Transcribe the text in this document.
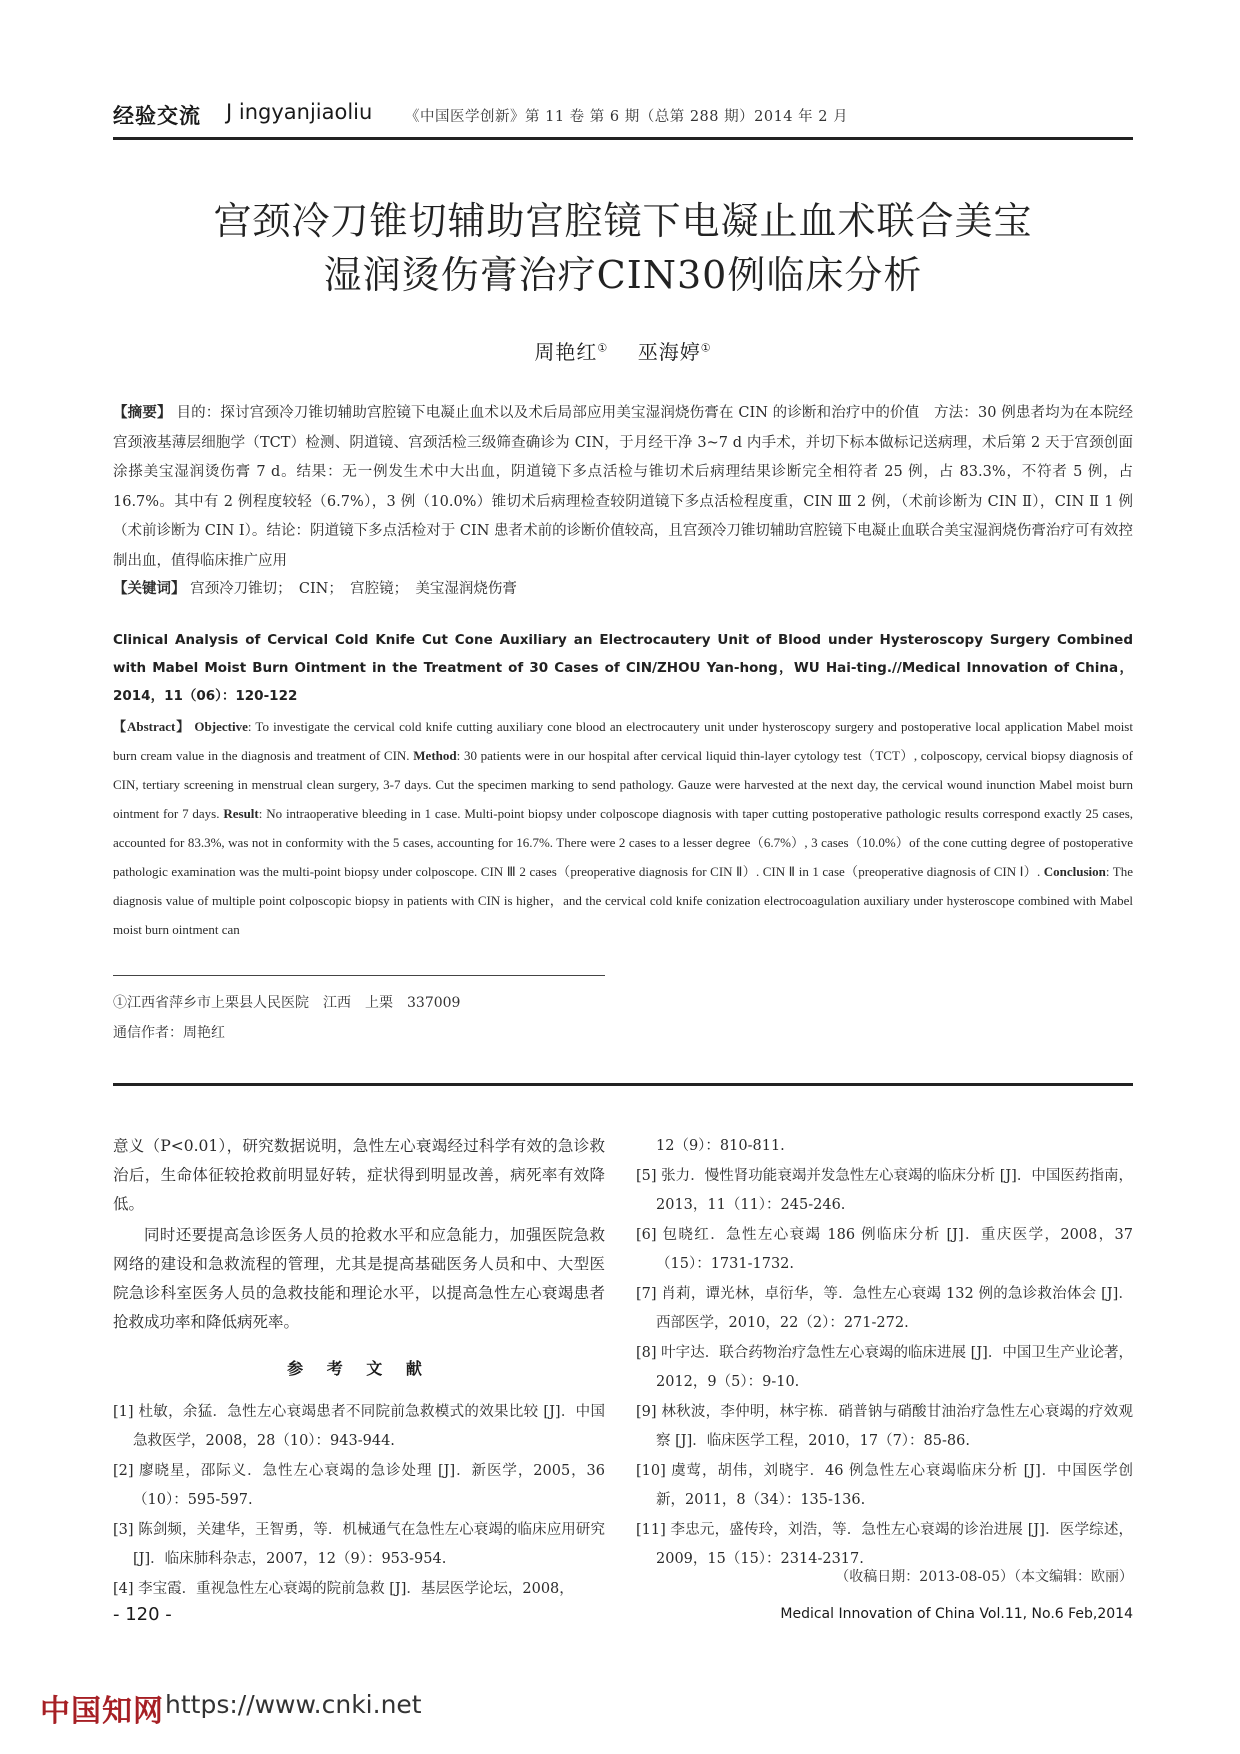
经验交流 J ingyanjiaoliu 《中国医学创新》第 11 卷 第 6 期（总第 288 期）2014 年 2 月
宫颈冷刀锥切辅助宫腔镜下电凝止血术联合美宝
湿润烫伤膏治疗CIN30例临床分析
周艳红① 巫海婷①
【摘要】 目的：探讨宫颈冷刀锥切辅助宫腔镜下电凝止血术以及术后局部应用美宝湿润烧伤膏在 CIN 的诊断和治疗中的价值　方法：30 例患者均为在本院经宫颈液基薄层细胞学（TCT）检测、阴道镜、宫颈活检三级筛查确诊为 CIN，于月经干净 3~7 d 内手术，并切下标本做标记送病理，术后第 2 天于宫颈创面涂搽美宝湿润烫伤膏 7 d。结果：无一例发生术中大出血，阴道镜下多点活检与锥切术后病理结果诊断完全相符者 25 例，占 83.3%，不符者 5 例，占 16.7%。其中有 2 例程度较轻（6.7%），3 例（10.0%）锥切术后病理检查较阴道镜下多点活检程度重，CIN Ⅲ 2 例，（术前诊断为 CIN Ⅱ），CIN Ⅱ 1 例（术前诊断为 CIN Ⅰ）。结论：阴道镜下多点活检对于 CIN 患者术前的诊断价值较高，且宫颈冷刀锥切辅助宫腔镜下电凝止血联合美宝湿润烧伤膏治疗可有效控制出血，值得临床推广应用
【关键词】 宫颈冷刀锥切；　CIN；　宫腔镜；　美宝湿润烧伤膏
Clinical Analysis of Cervical Cold Knife Cut Cone Auxiliary an Electrocautery Unit of Blood under Hysteroscopy Surgery Combined with Mabel Moist Burn Ointment in the Treatment of 30 Cases of CIN/ZHOU Yan-hong，WU Hai-ting.//Medical Innovation of China，2014，11（06）：120-122
【Abstract】 Objective: To investigate the cervical cold knife cutting auxiliary cone blood an electrocautery unit under hysteroscopy surgery and postoperative local application Mabel moist burn cream value in the diagnosis and treatment of CIN. Method: 30 patients were in our hospital after cervical liquid thin-layer cytology test（TCT）, colposcopy, cervical biopsy diagnosis of CIN, tertiary screening in menstrual clean surgery, 3-7 days. Cut the specimen marking to send pathology. Gauze were harvested at the next day, the cervical wound inunction Mabel moist burn ointment for 7 days. Result: No intraoperative bleeding in 1 case. Multi-point biopsy under colposcope diagnosis with taper cutting postoperative pathologic results correspond exactly 25 cases, accounted for 83.3%, was not in conformity with the 5 cases, accounting for 16.7%. There were 2 cases to a lesser degree（6.7%）, 3 cases（10.0%）of the cone cutting degree of postoperative pathologic examination was the multi-point biopsy under colposcope. CIN Ⅲ 2 cases（preoperative diagnosis for CIN Ⅱ）. CIN Ⅱ in 1 case（preoperative diagnosis of CIN Ⅰ）. Conclusion: The diagnosis value of multiple point colposcopic biopsy in patients with CIN is higher，and the cervical cold knife conization electrocoagulation auxiliary under hysteroscope combined with Mabel moist burn ointment can
①江西省萍乡市上栗县人民医院　江西　上栗　337009
通信作者：周艳红

意义（P<0.01），研究数据说明，急性左心衰竭经过科学有效的急诊救治后，生命体征较抢救前明显好转，症状得到明显改善，病死率有效降低。

同时还要提高急诊医务人员的抢救水平和应急能力，加强医院急救网络的建设和急救流程的管理，尤其是提高基础医务人员和中、大型医院急诊科室医务人员的急救技能和理论水平，以提高急性左心衰竭患者抢救成功率和降低病死率。

参 考 文 献

[1] 杜敏，余猛．急性左心衰竭患者不同院前急救模式的效果比较 [J]．中国急救医学，2008，28（10）：943-944.

[2] 廖晓星，邵际义．急性左心衰竭的急诊处理 [J]．新医学，2005，36（10）：595-597.

[3] 陈剑频，关建华，王智勇，等．机械通气在急性左心衰竭的临床应用研究 [J]．临床肺科杂志，2007，12（9）：953-954.

[4] 李宝霞．重视急性左心衰竭的院前急救 [J]．基层医学论坛，2008，

12（9）：810-811.

[5] 张力．慢性肾功能衰竭并发急性左心衰竭的临床分析 [J]．中国医药指南，2013，11（11）：245-246.

[6] 包晓红．急性左心衰竭 186 例临床分析 [J]．重庆医学，2008，37（15）：1731-1732.

[7] 肖莉，谭光林，卓衍华，等．急性左心衰竭 132 例的急诊救治体会 [J]．西部医学，2010，22（2）：271-272.

[8] 叶宇达．联合药物治疗急性左心衰竭的临床进展 [J]．中国卫生产业论著，2012，9（5）：9-10.

[9] 林秋波，李仲明，林宇栋．硝普钠与硝酸甘油治疗急性左心衰竭的疗效观察 [J]．临床医学工程，2010，17（7）：85-86.

[10] 虞莺，胡伟，刘晓宇．46 例急性左心衰竭临床分析 [J]．中国医学创新，2011，8（34）：135-136.

[11] 李忠元，盛传玲，刘浩，等．急性左心衰竭的诊治进展 [J]．医学综述，2009，15（15）：2314-2317.

（收稿日期：2013-08-05）（本文编辑：欧丽）
- 120 -	Medical Innovation of China Vol.11, No.6 Feb,2014
中国知网 https://www.cnki.net
